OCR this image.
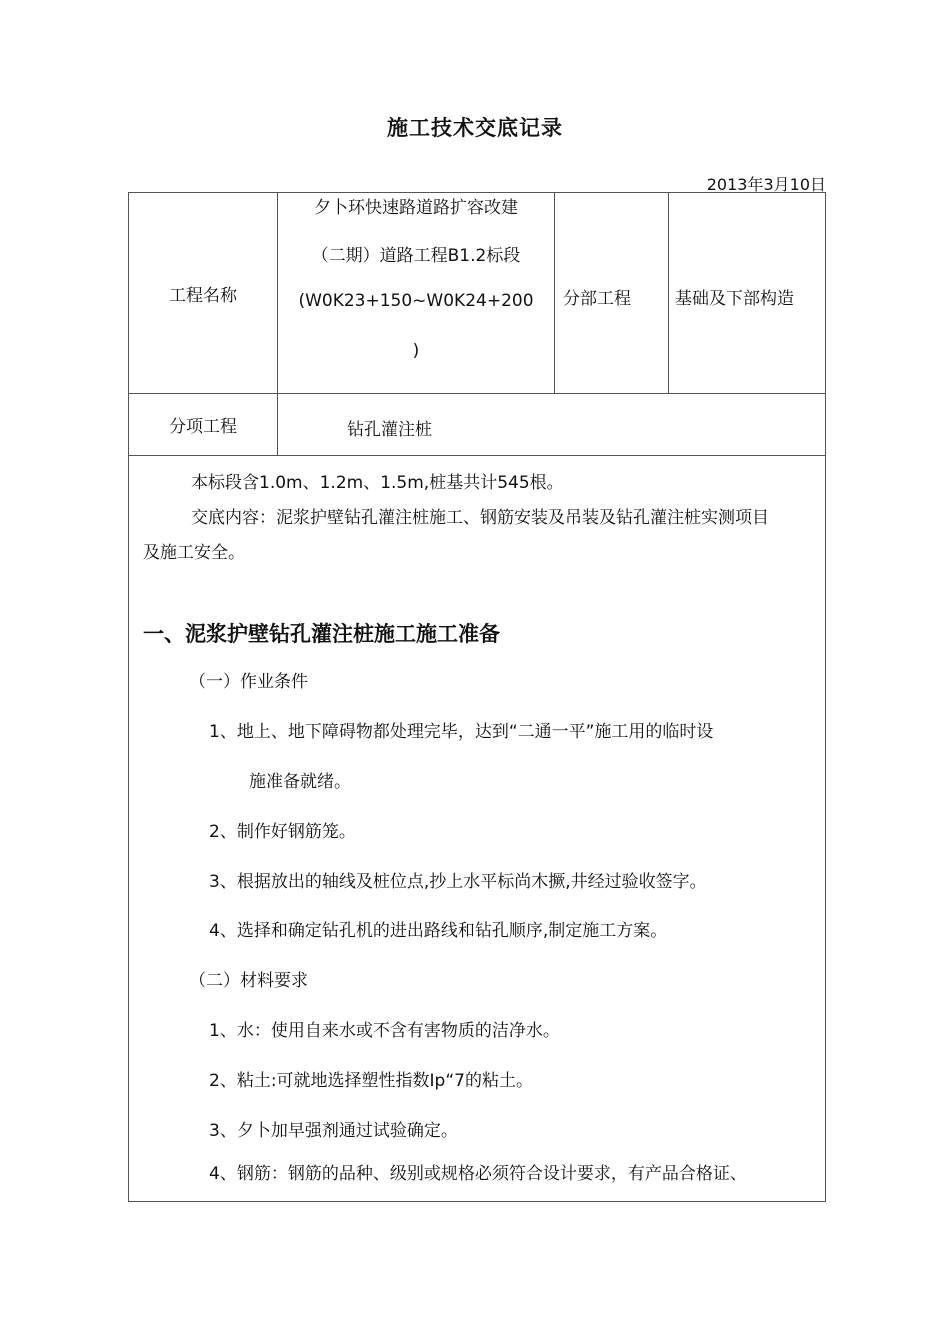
施工技术交底记录
2013年3月10日
工程名称
夕卜环快速路道路扩容改建
（二期）道路工程B1.2标段
(W0K23+150~W0K24+200
)
分部工程	基础及下部构造
分项工程	钻孔灌注桩
本标段含1.0m、1.2m、1.5m,桩基共计545根。
交底内容：泥浆护壁钻孔灌注桩施工、钢筋安装及吊装及钻孔灌注桩实测项目
及施工安全。
一、泥浆护壁钻孔灌注桩施工施工准备
（一）作业条件
1、地上、地下障碍物都处理完毕，达到“二通一平”施工用的临时设
施准备就绪。
2、制作好钢筋笼。
3、根据放出的轴线及桩位点,抄上水平标尚木撅,井经过验收签字。
4、选择和确定钻孔机的进出路线和钻孔顺序,制定施工方案。
（二）材料要求
1、水：使用自来水或不含有害物质的洁净水。
2、粘土:可就地选择塑性指数Ip“7的粘土。
3、夕卜加早强剂通过试验确定。
4、钢筋：钢筋的品种、级别或规格必须符合设计要求，有产品合格证、
